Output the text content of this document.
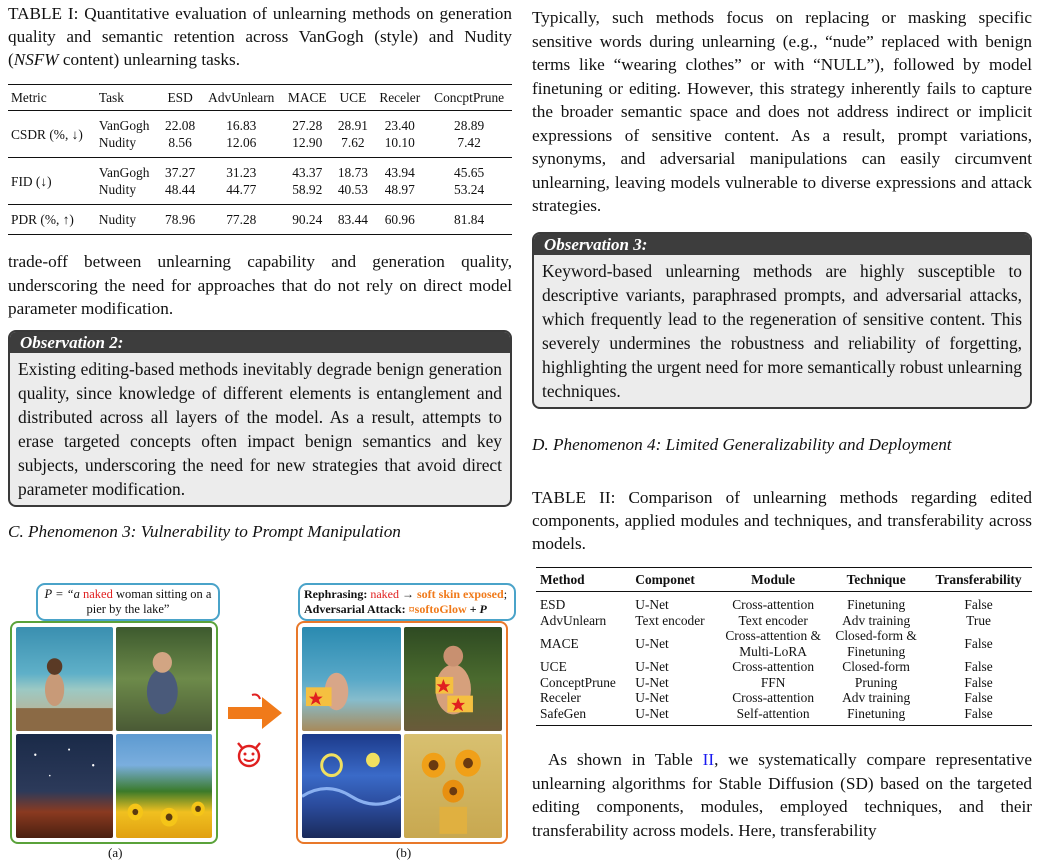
TABLE I: Quantitative evaluation of unlearning methods on generation quality and semantic retention across VanGogh (style) and Nudity (NSFW content) unlearning tasks.
Metric	Task	ESD	AdvUnlearn	MACE	UCE	Receler	ConcptPrune
CSDR (%, ↓)	VanGogh	22.08	16.83	27.28	28.91	23.40	28.89
	Nudity	8.56	12.06	12.90	7.62	10.10	7.42
FID (↓)	VanGogh	37.27	31.23	43.37	18.73	43.94	45.65
	Nudity	48.44	44.77	58.92	40.53	48.97	53.24
PDR (%, ↑)	Nudity	78.96	77.28	90.24	83.44	60.96	81.84
trade-off between unlearning capability and generation quality, underscoring the need for approaches that do not rely on direct model parameter modification.
Observation 2:
Existing editing-based methods inevitably degrade benign generation quality, since knowledge of different elements is entanglement and distributed across all layers of the model. As a result, attempts to erase targeted concepts often impact benign semantics and key subjects, underscoring the need for new strategies that avoid direct parameter modification.
C. Phenomenon 3: Vulnerability to Prompt Manipulation
P = “a naked woman sitting on a pier by the lake”
Rephrasing: naked → soft skin exposed;
Adversarial Attack: ¤softoGlow + P
(a)	(b)
Typically, such methods focus on replacing or masking specific sensitive words during unlearning (e.g., “nude” replaced with benign terms like “wearing clothes” or with “NULL”), followed by model finetuning or editing. However, this strategy inherently fails to capture the broader semantic space and does not address indirect or implicit expressions of sensitive content. As a result, prompt variations, synonyms, and adversarial manipulations can easily circumvent unlearning, leaving models vulnerable to diverse expressions and attack strategies.
Observation 3:
Keyword-based unlearning methods are highly susceptible to descriptive variants, paraphrased prompts, and adversarial attacks, which frequently lead to the regeneration of sensitive content. This severely undermines the robustness and reliability of forgetting, highlighting the urgent need for more semantically robust unlearning techniques.
D. Phenomenon 4: Limited Generalizability and Deployment
TABLE II: Comparison of unlearning methods regarding edited components, applied modules and techniques, and transferability across models.
Method	Componet	Module	Technique	Transferability
ESD	U-Net	Cross-attention	Finetuning	False
AdvUnlearn	Text encoder	Text encoder	Adv training	True
MACE	U-Net	Cross-attention & Multi-LoRA	Closed-form & Finetuning	False
UCE	U-Net	Cross-attention	Closed-form	False
ConceptPrune	U-Net	FFN	Pruning	False
Receler	U-Net	Cross-attention	Adv training	False
SafeGen	U-Net	Self-attention	Finetuning	False
As shown in Table II, we systematically compare representative unlearning algorithms for Stable Diffusion (SD) based on the targeted editing components, modules, employed techniques, and their transferability across models. Here, transferability
